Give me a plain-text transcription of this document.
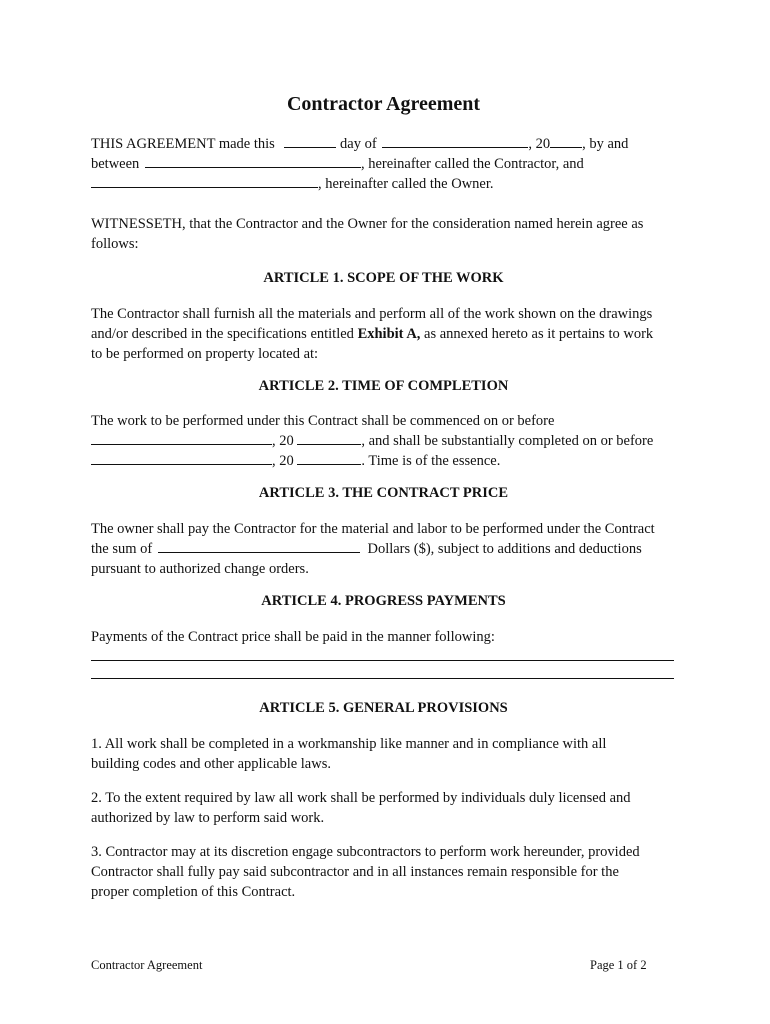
Contractor Agreement
THIS AGREEMENT made this	day of	, 20 , by and
between	, hereinafter called the Contractor, and
, hereinafter called the Owner.
WITNESSETH, that the Contractor and the Owner for the consideration named herein agree as
follows:
ARTICLE 1. SCOPE OF THE WORK
The Contractor shall furnish all the materials and perform all of the work shown on the drawings
and/or described in the specifications entitled Exhibit A, as annexed hereto as it pertains to work
to be performed on property located at:
ARTICLE 2. TIME OF COMPLETION
The work to be performed under this Contract shall be commenced on or before
, 20	, and shall be substantially completed on or before
, 20	. Time is of the essence.
ARTICLE 3. THE CONTRACT PRICE
The owner shall pay the Contractor for the material and labor to be performed under the Contract
the sum of	Dollars ($), subject to additions and deductions
pursuant to authorized change orders.
ARTICLE 4. PROGRESS PAYMENTS
Payments of the Contract price shall be paid in the manner following:
ARTICLE 5. GENERAL PROVISIONS
1. All work shall be completed in a workmanship like manner and in compliance with all
building codes and other applicable laws.
2. To the extent required by law all work shall be performed by individuals duly licensed and
authorized by law to perform said work.
3. Contractor may at its discretion engage subcontractors to perform work hereunder, provided
Contractor shall fully pay said subcontractor and in all instances remain responsible for the
proper completion of this Contract.
Contractor Agreement	Page 1 of 2
